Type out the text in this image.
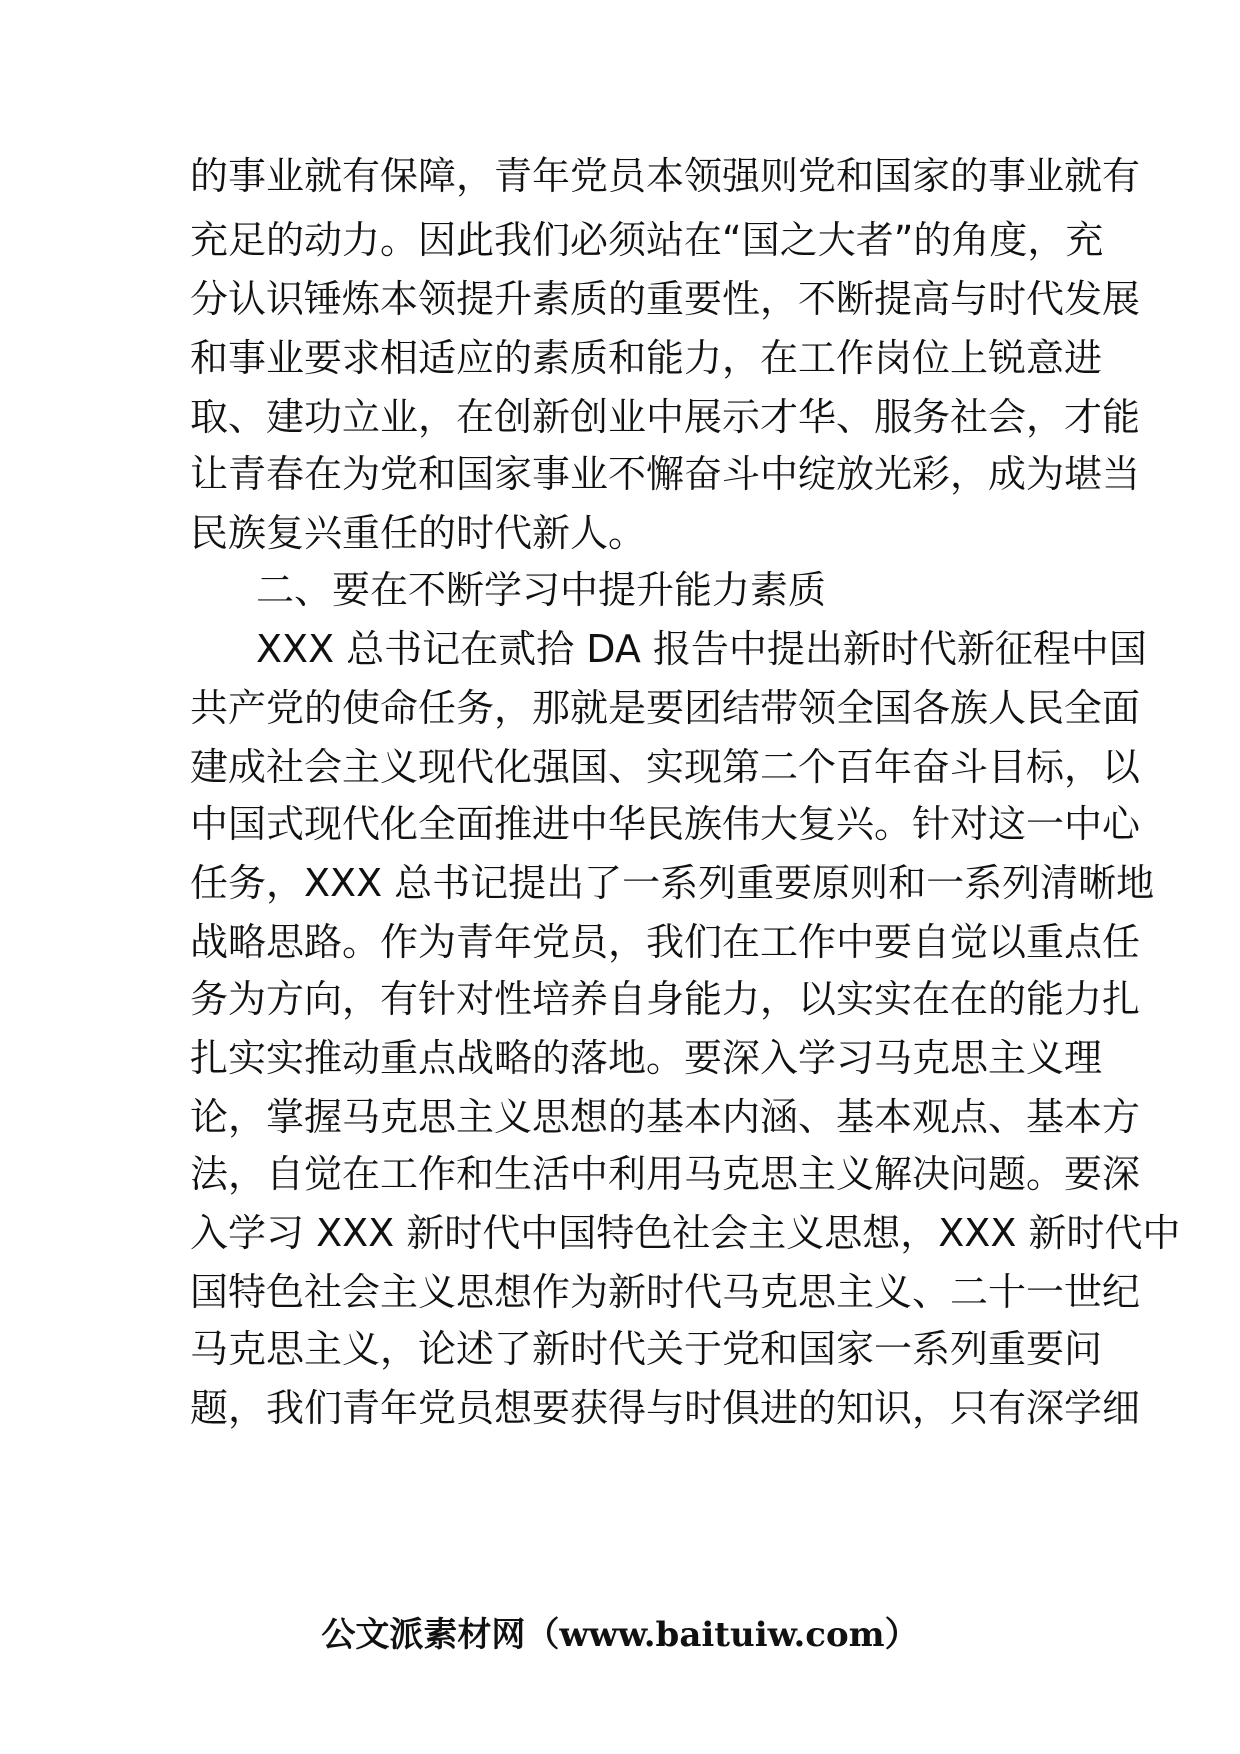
的事业就有保障，青年党员本领强则党和国家的事业就有
充足的动力。因此我们必须站在“国之大者”的角度，充
分认识锤炼本领提升素质的重要性，不断提高与时代发展
和事业要求相适应的素质和能力，在工作岗位上锐意进
取、建功立业，在创新创业中展示才华、服务社会，才能
让青春在为党和国家事业不懈奋斗中绽放光彩，成为堪当
民族复兴重任的时代新人。
二、要在不断学习中提升能力素质
XXX 总书记在贰拾 DA 报告中提出新时代新征程中国
共产党的使命任务，那就是要团结带领全国各族人民全面
建成社会主义现代化强国、实现第二个百年奋斗目标，以
中国式现代化全面推进中华民族伟大复兴。针对这一中心
任务，XXX 总书记提出了一系列重要原则和一系列清晰地
战略思路。作为青年党员，我们在工作中要自觉以重点任
务为方向，有针对性培养自身能力，以实实在在的能力扎
扎实实推动重点战略的落地。要深入学习马克思主义理
论，掌握马克思主义思想的基本内涵、基本观点、基本方
法，自觉在工作和生活中利用马克思主义解决问题。要深
入学习 XXX 新时代中国特色社会主义思想，XXX 新时代中
国特色社会主义思想作为新时代马克思主义、二十一世纪
马克思主义，论述了新时代关于党和国家一系列重要问
题，我们青年党员想要获得与时俱进的知识，只有深学细
公文派素材网（www.baituiw.com）
